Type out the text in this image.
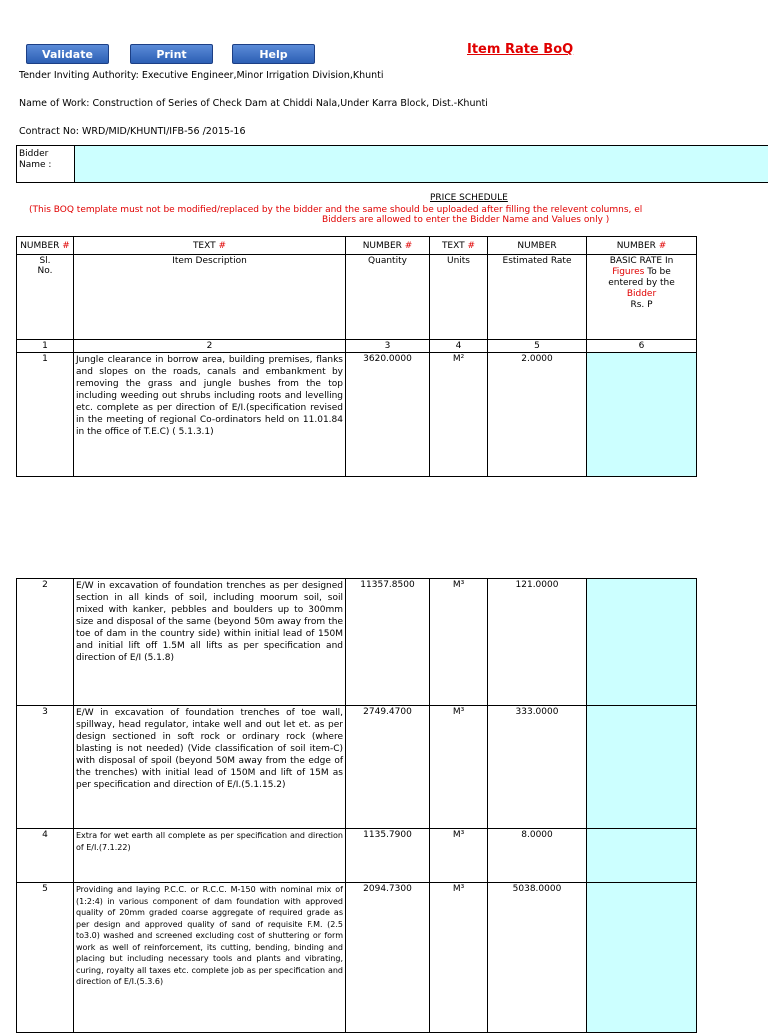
Validate	Print	Help	Item Rate BoQ
Tender Inviting Authority: Executive Engineer,Minor Irrigation Division,Khunti
Name of Work: Construction of Series of Check Dam at Chiddi Nala,Under Karra Block, Dist.-Khunti
Contract No: WRD/MID/KHUNTI/IFB-56 /2015-16
Bidder
Name :
PRICE SCHEDULE
(This BOQ template must not be modified/replaced by the bidder and the same should be uploaded after filling the relevent columns, el
Bidders are allowed to enter the Bidder Name and Values only )
NUMBER #	TEXT #	NUMBER #	TEXT #	NUMBER	NUMBER #
Sl.
No.	Item Description	Quantity	Units	Estimated Rate	BASIC RATE In
Figures To be
entered by the
Bidder
Rs. P
1	2	3	4	5	6
1	Jungle clearance in borrow area, building premises, flanks and slopes on the roads, canals and embankment by removing the grass and jungle bushes from the top including weeding out shrubs including roots and levelling etc. complete as per direction of E/I.(specification revised in the meeting of regional Co-ordinators held on 11.01.84 in the office of T.E.C) ( 5.1.3.1)	3620.0000	M²	2.0000	
2	E/W in excavation of foundation trenches as per designed section in all kinds of soil, including moorum soil, soil mixed with kanker, pebbles and boulders up to 300mm size and disposal of the same (beyond 50m away from the toe of dam in the country side) within initial lead of 150M and initial lift off 1.5M all lifts as per specification and direction of E/I (5.1.8)	11357.8500	M³	121.0000	
3	E/W in excavation of foundation trenches of toe wall, spillway, head regulator, intake well and out let et. as per design sectioned in soft rock or ordinary rock (where blasting is not needed) (Vide classification of soil item-C) with disposal of spoil (beyond 50M away from the edge of the trenches) with initial lead of 150M and lift of 15M as per specification and direction of E/I.(5.1.15.2)	2749.4700	M³	333.0000	
4	Extra for wet earth all complete as per specification and direction of E/I.(7.1.22)	1135.7900	M³	8.0000	
5	Providing and laying P.C.C. or R.C.C. M-150 with nominal mix of (1:2:4) in various component of dam foundation with approved quality of 20mm graded coarse aggregate of required grade as per design and approved quality of sand of requisite F.M. (2.5 to3.0) washed and screened excluding cost of shuttering or form work as well of reinforcement, its cutting, bending, binding and placing but including necessary tools and plants and vibrating, curing, royalty all taxes etc. complete job as per specification and direction of E/I.(5.3.6)	2094.7300	M³	5038.0000	
